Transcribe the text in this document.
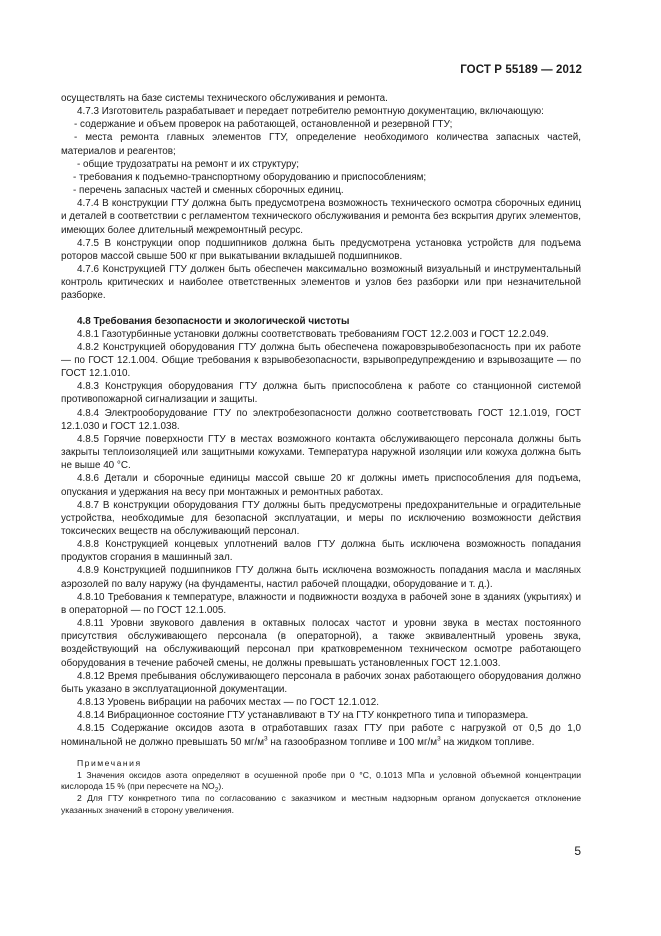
ГОСТ Р 55189 — 2012

осуществлять на базе системы технического обслуживания и ремонта.

4.7.3 Изготовитель разрабатывает и передает потребителю ремонтную документацию, включающую:

- содержание и объем проверок на работающей, остановленной и резервной ГТУ;

- места ремонта главных элементов ГТУ, определение необходимого количества запасных частей, материалов и реагентов;

- общие трудозатраты на ремонт и их структуру;

- требования к подъемно-транспортному оборудованию и приспособлениям;

- перечень запасных частей и сменных сборочных единиц.

4.7.4 В конструкции ГТУ должна быть предусмотрена возможность технического осмотра сборочных единиц и деталей в соответствии с регламентом технического обслуживания и ремонта без вскрытия других элементов, имеющих более длительный межремонтный ресурс.

4.7.5 В конструкции опор подшипников должна быть предусмотрена установка устройств для подъема роторов массой свыше 500 кг при выкатывании вкладышей подшипников.

4.7.6 Конструкцией ГТУ должен быть обеспечен максимально возможный визуальный и инструментальный контроль критических и наиболее ответственных элементов и узлов без разборки или при незначительной разборке.

4.8 Требования безопасности и экологической чистоты

4.8.1 Газотурбинные установки должны соответствовать требованиям ГОСТ 12.2.003 и ГОСТ 12.2.049.

4.8.2 Конструкцией оборудования ГТУ должна быть обеспечена пожаровзрывобезопасность при их работе — по ГОСТ 12.1.004. Общие требования к взрывобезопасности, взрывопредупреждению и взрывозащите — по ГОСТ 12.1.010.

4.8.3 Конструкция оборудования ГТУ должна быть приспособлена к работе со станционной системой противопожарной сигнализации и защиты.

4.8.4 Электрооборудование ГТУ по электробезопасности должно соответствовать ГОСТ 12.1.019, ГОСТ 12.1.030 и ГОСТ 12.1.038.

4.8.5 Горячие поверхности ГТУ в местах возможного контакта обслуживающего персонала должны быть закрыты теплоизоляцией или защитными кожухами. Температура наружной изоляции или кожуха должна быть не выше 40 °С.

4.8.6 Детали и сборочные единицы массой свыше 20 кг должны иметь приспособления для подъема, опускания и удержания на весу при монтажных и ремонтных работах.

4.8.7 В конструкции оборудования ГТУ должны быть предусмотрены предохранительные и оградительные устройства, необходимые для безопасной эксплуатации, и меры по исключению возможности действия токсических веществ на обслуживающий персонал.

4.8.8 Конструкцией концевых уплотнений валов ГТУ должна быть исключена возможность попадания продуктов сгорания в машинный зал.

4.8.9 Конструкцией подшипников ГТУ должна быть исключена возможность попадания масла и масляных аэрозолей по валу наружу (на фундаменты, настил рабочей площадки, оборудование и т. д.).

4.8.10 Требования к температуре, влажности и подвижности воздуха в рабочей зоне в зданиях (укрытиях) и в операторной — по ГОСТ 12.1.005.

4.8.11 Уровни звукового давления в октавных полосах частот и уровни звука в местах постоянного присутствия обслуживающего персонала (в операторной), а также эквивалентный уровень звука, воздействующий на обслуживающий персонал при кратковременном техническом осмотре работающего оборудования в течение рабочей смены, не должны превышать установленных ГОСТ 12.1.003.

4.8.12 Время пребывания обслуживающего персонала в рабочих зонах работающего оборудования должно быть указано в эксплуатационной документации.

4.8.13 Уровень вибрации на рабочих местах — по ГОСТ 12.1.012.

4.8.14 Вибрационное состояние ГТУ устанавливают в ТУ на ГТУ конкретного типа и типоразмера.

4.8.15 Содержание оксидов азота в отработавших газах ГТУ при работе с нагрузкой от 0,5 до 1,0 номинальной не должно превышать 50 $мг/м^3$ на газообразном топливе и 100 $мг/м^3$ на жидком топливе.

Примечания

1 Значения оксидов азота определяют в осушенной пробе при 0 °С, 0.1013 МПа и условной объемной концентрации кислорода 15 % (при пересчете на $NO_2$).

2 Для ГТУ конкретного типа по согласованию с заказчиком и местным надзорным органом допускается отклонение указанных значений в сторону увеличения.

5
